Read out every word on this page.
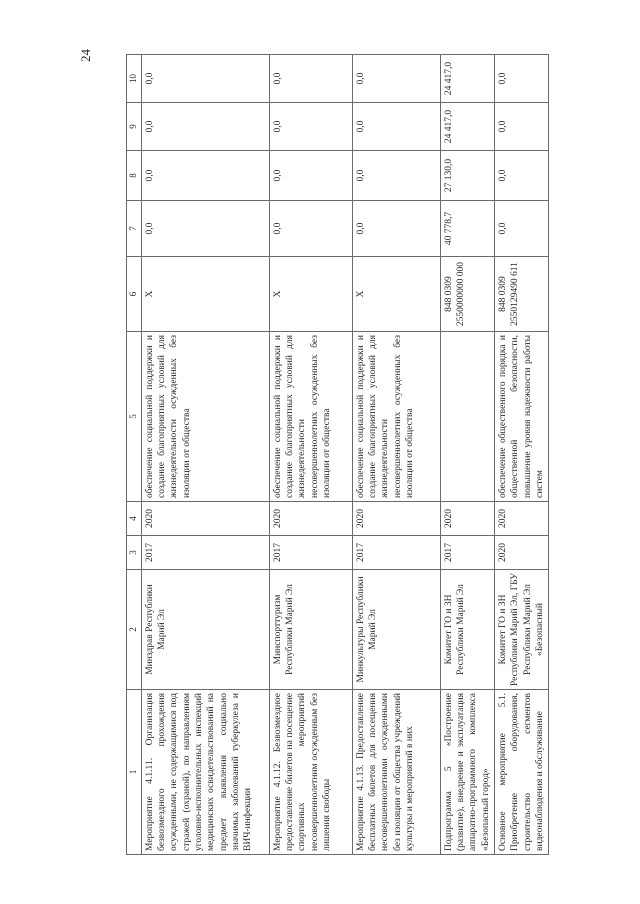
24
1	2	3	4	5	6	7	8	9	10
Мероприятие 4.1.11. Организация безвозмездного прохождения осужденными, не содержащимися под стражей (охраной), по направлениям уголовно-исполнительных инспекций медицинских освидетельствований на предмет выявления социально значимых заболеваний туберкулеза и ВИЧ-инфекции	Минздрав Республики Марий Эл	2017	2020	обеспечение социальной поддержки и создание благоприятных условий для жизнедеятельности осужденных без изоляции от общества	X	0,0	0,0	0,0	0,0
Мероприятие 4.1.12. Безвозмездное предоставление билетов на посещение спортивных мероприятий несовершеннолетним осужденным без лишения свободы	Минспорттуризм Республики Марий Эл	2017	2020	обеспечение социальной поддержки и создание благоприятных условий для жизнедеятельности несовершеннолетних осужденных без изоляции от общества	X	0,0	0,0	0,0	0,0
Мероприятие 4.1.13. Предоставление бесплатных билетов для посещения несовершеннолетними осужденными без изоляции от общества учреждений культуры и мероприятий в них	Минкультуры Республики Марий Эл	2017	2020	обеспечение социальной поддержки и создание благоприятных условий для жизнедеятельности несовершеннолетних осужденных без изоляции от общества	X	0,0	0,0	0,0	0,0
Подпрограмма 5 «Построение (развитие), внедрение и эксплуатация аппаратно-программного комплекса «Безопасный город»	Комитет ГО и ЗН Республики Марий Эл	2017	2020		848 0309 2550000000 000	40 778,7	27 130,0	24 417,0	24 417,0
Основное мероприятие 5.1. Приобретение оборудования, строительство сегментов видеонаблюдения и обслуживание	Комитет ГО и ЗН Республики Марий Эл, ГБУ Республики Марий Эл «Безопасный	2020	2020	обеспечение общественного порядка и общественной безопасности, повышение уровня надежности работы систем	848 0309 2550129490 611	0,0	0,0	0,0	0,0
